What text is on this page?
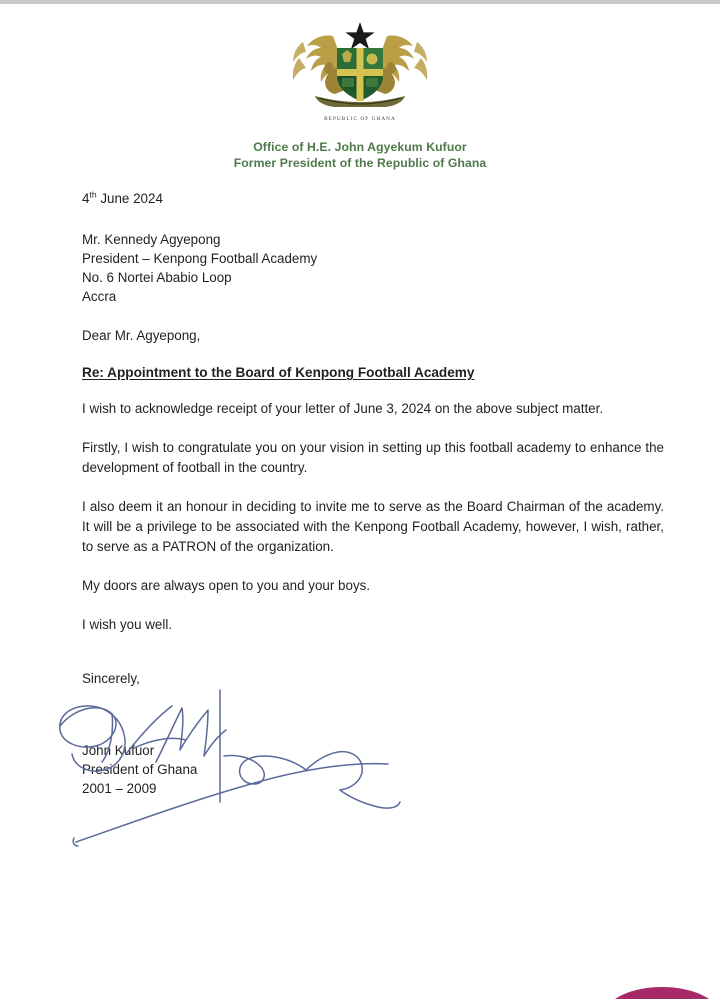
REPUBLIC OF GHANA
Office of H.E. John Agyekum Kufuor
Former President of the Republic of Ghana
4th June 2024
Mr. Kennedy Agyepong
President – Kenpong Football Academy
No. 6 Nortei Ababio Loop
Accra
Dear Mr. Agyepong,
Re: Appointment to the Board of Kenpong Football Academy
I wish to acknowledge receipt of your letter of June 3, 2024 on the above subject matter.
Firstly, I wish to congratulate you on your vision in setting up this football academy to enhance the development of football in the country.
I also deem it an honour in deciding to invite me to serve as the Board Chairman of the academy. It will be a privilege to be associated with the Kenpong Football Academy, however, I wish, rather, to serve as a PATRON of the organization.
My doors are always open to you and your boys.
I wish you well.
Sincerely,
John Kufuor
President of Ghana
2001 – 2009
